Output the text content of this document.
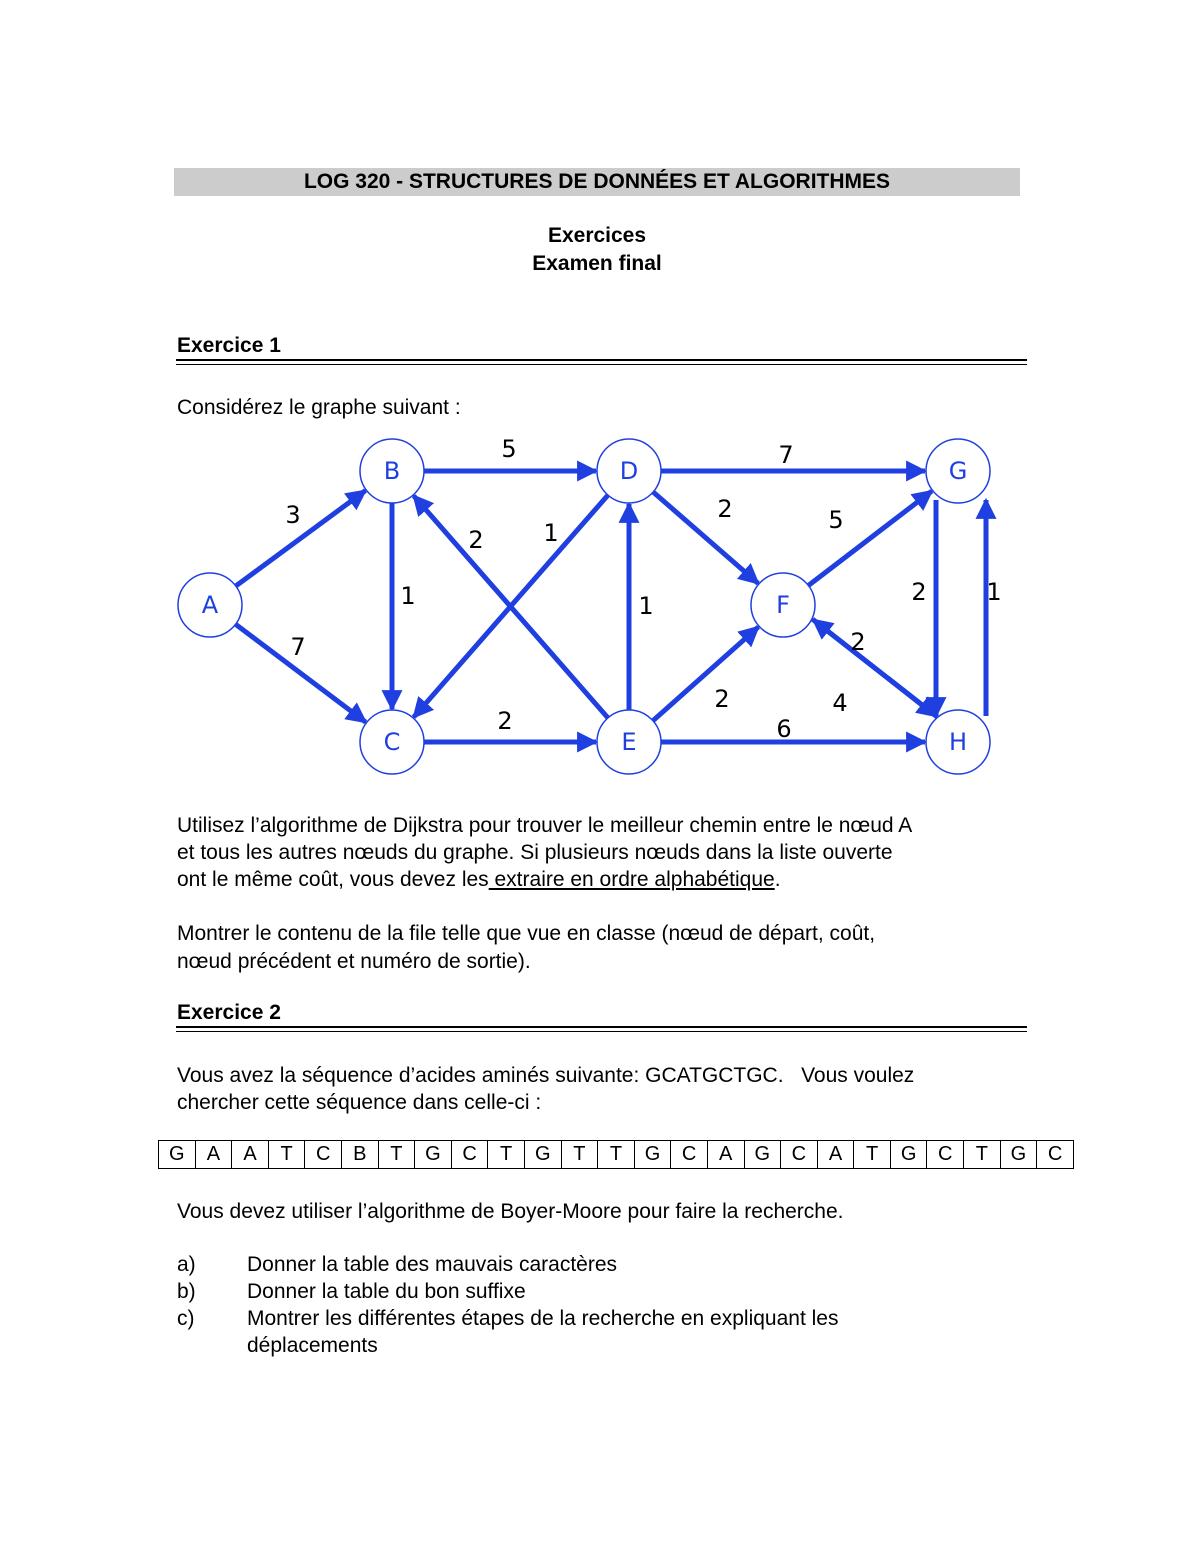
LOG 320 - STRUCTURES DE DONNÉES ET ALGORITHMES
Exercices
Examen final
Exercice 1
Considérez le graphe suivant :
A
B
C
D
E
F
G
H
3
7
5
1
2 1
2
1
7
2	5
2
6
2
4
2 1
Utilisez l’algorithme de Dijkstra pour trouver le meilleur chemin entre le nœud A
et tous les autres nœuds du graphe. Si plusieurs nœuds dans la liste ouverte
ont le même coût, vous devez les extraire en ordre alphabétique.
Montrer le contenu de la file telle que vue en classe (nœud de départ, coût,
nœud précédent et numéro de sortie).
Exercice 2
Vous avez la séquence d’acides aminés suivante: GCATGCTGC.   Vous voulez
chercher cette séquence dans celle-ci :
G	A	A	T	C	B	T	G	C	T	G	T	T	G	C	A	G	C	A	T	G	C	T	G	C
Vous devez utiliser l’algorithme de Boyer-Moore pour faire la recherche.
a)	Donner la table des mauvais caractères
b)	Donner la table du bon suffixe
c)	Montrer les différentes étapes de la recherche en expliquant les
déplacements
